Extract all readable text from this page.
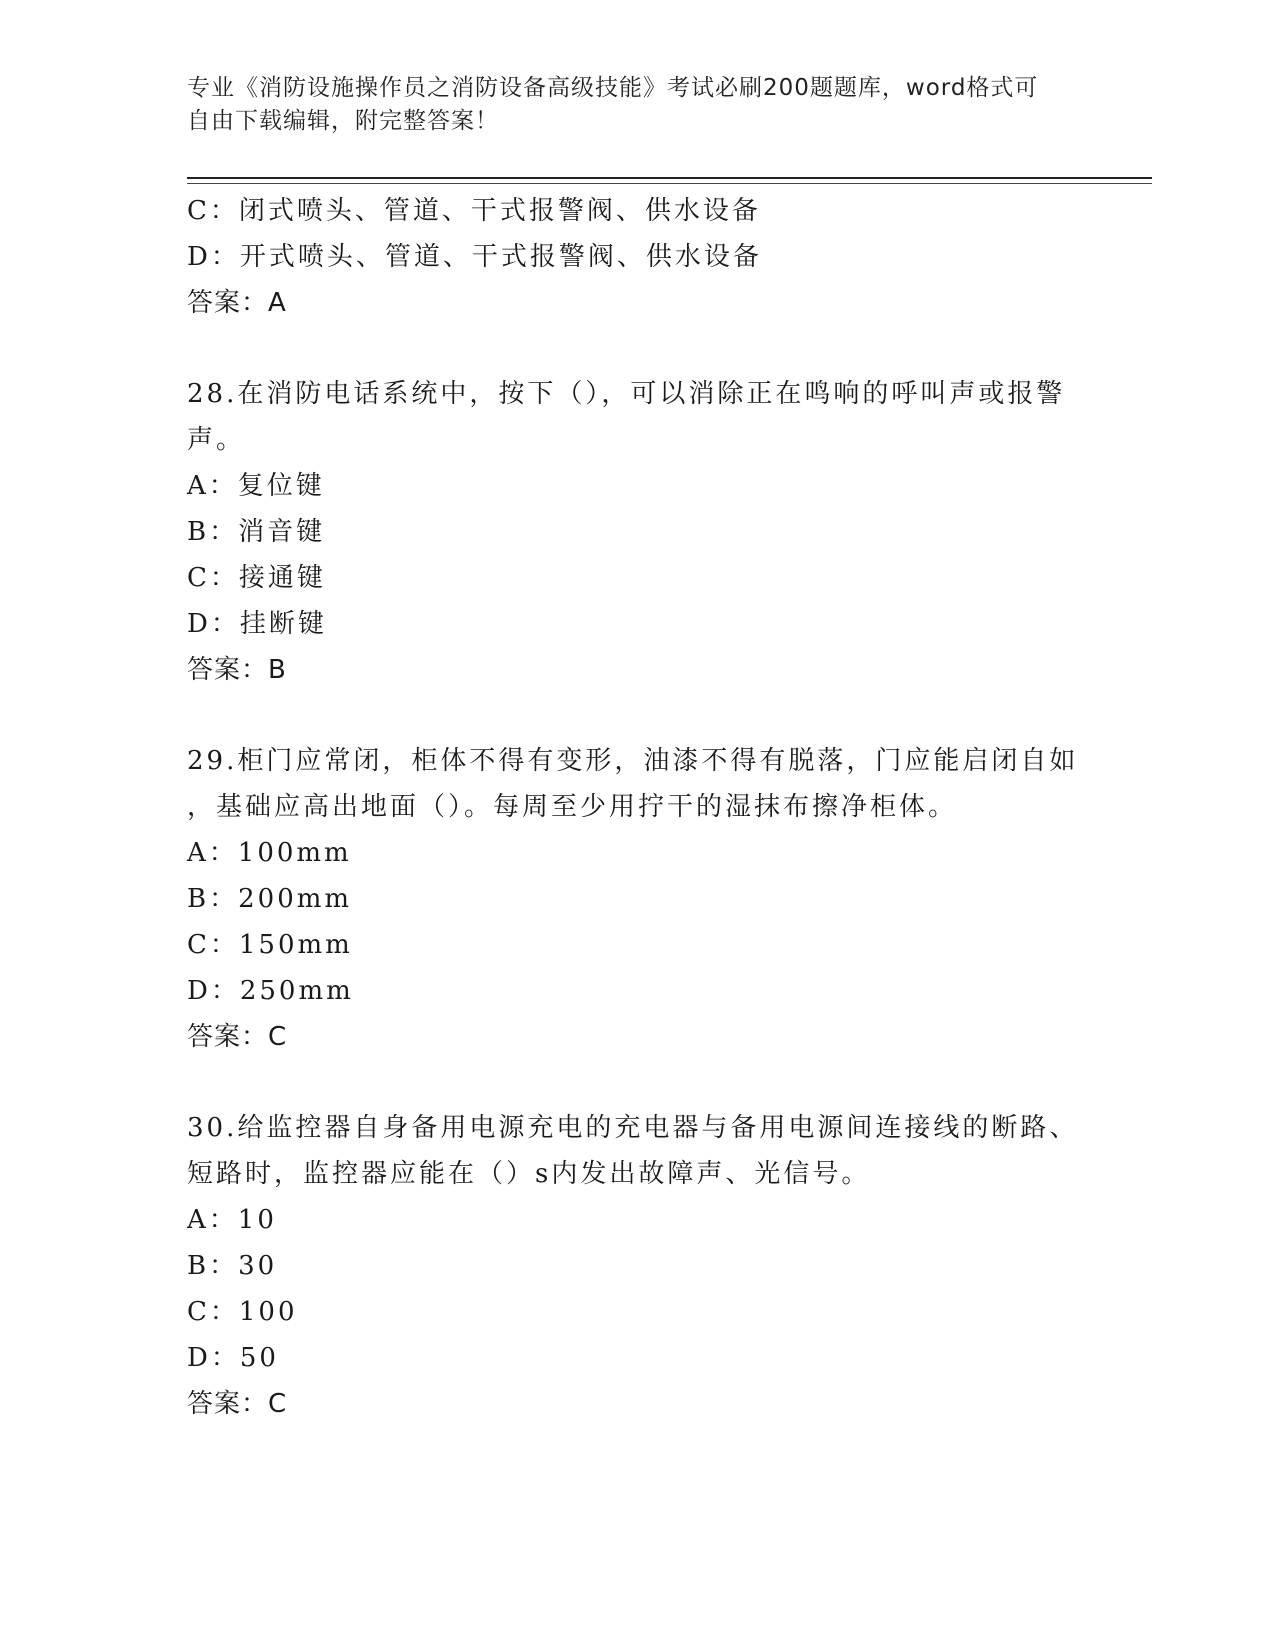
专业《消防设施操作员之消防设备高级技能》考试必刷200题题库，word格式可
自由下载编辑，附完整答案！
C：闭式喷头、管道、干式报警阀、供水设备
D：开式喷头、管道、干式报警阀、供水设备
答案：A
28.在消防电话系统中，按下（），可以消除正在鸣响的呼叫声或报警
声。
A：复位键
B：消音键
C：接通键
D：挂断键
答案：B
29.柜门应常闭，柜体不得有变形，油漆不得有脱落，门应能启闭自如
，基础应高出地面（）。每周至少用拧干的湿抹布擦净柜体。
A：100mm
B：200mm
C：150mm
D：250mm
答案：C
30.给监控器自身备用电源充电的充电器与备用电源间连接线的断路、
短路时，监控器应能在（）s内发出故障声、光信号。
A：10
B：30
C：100
D：50
答案：C
